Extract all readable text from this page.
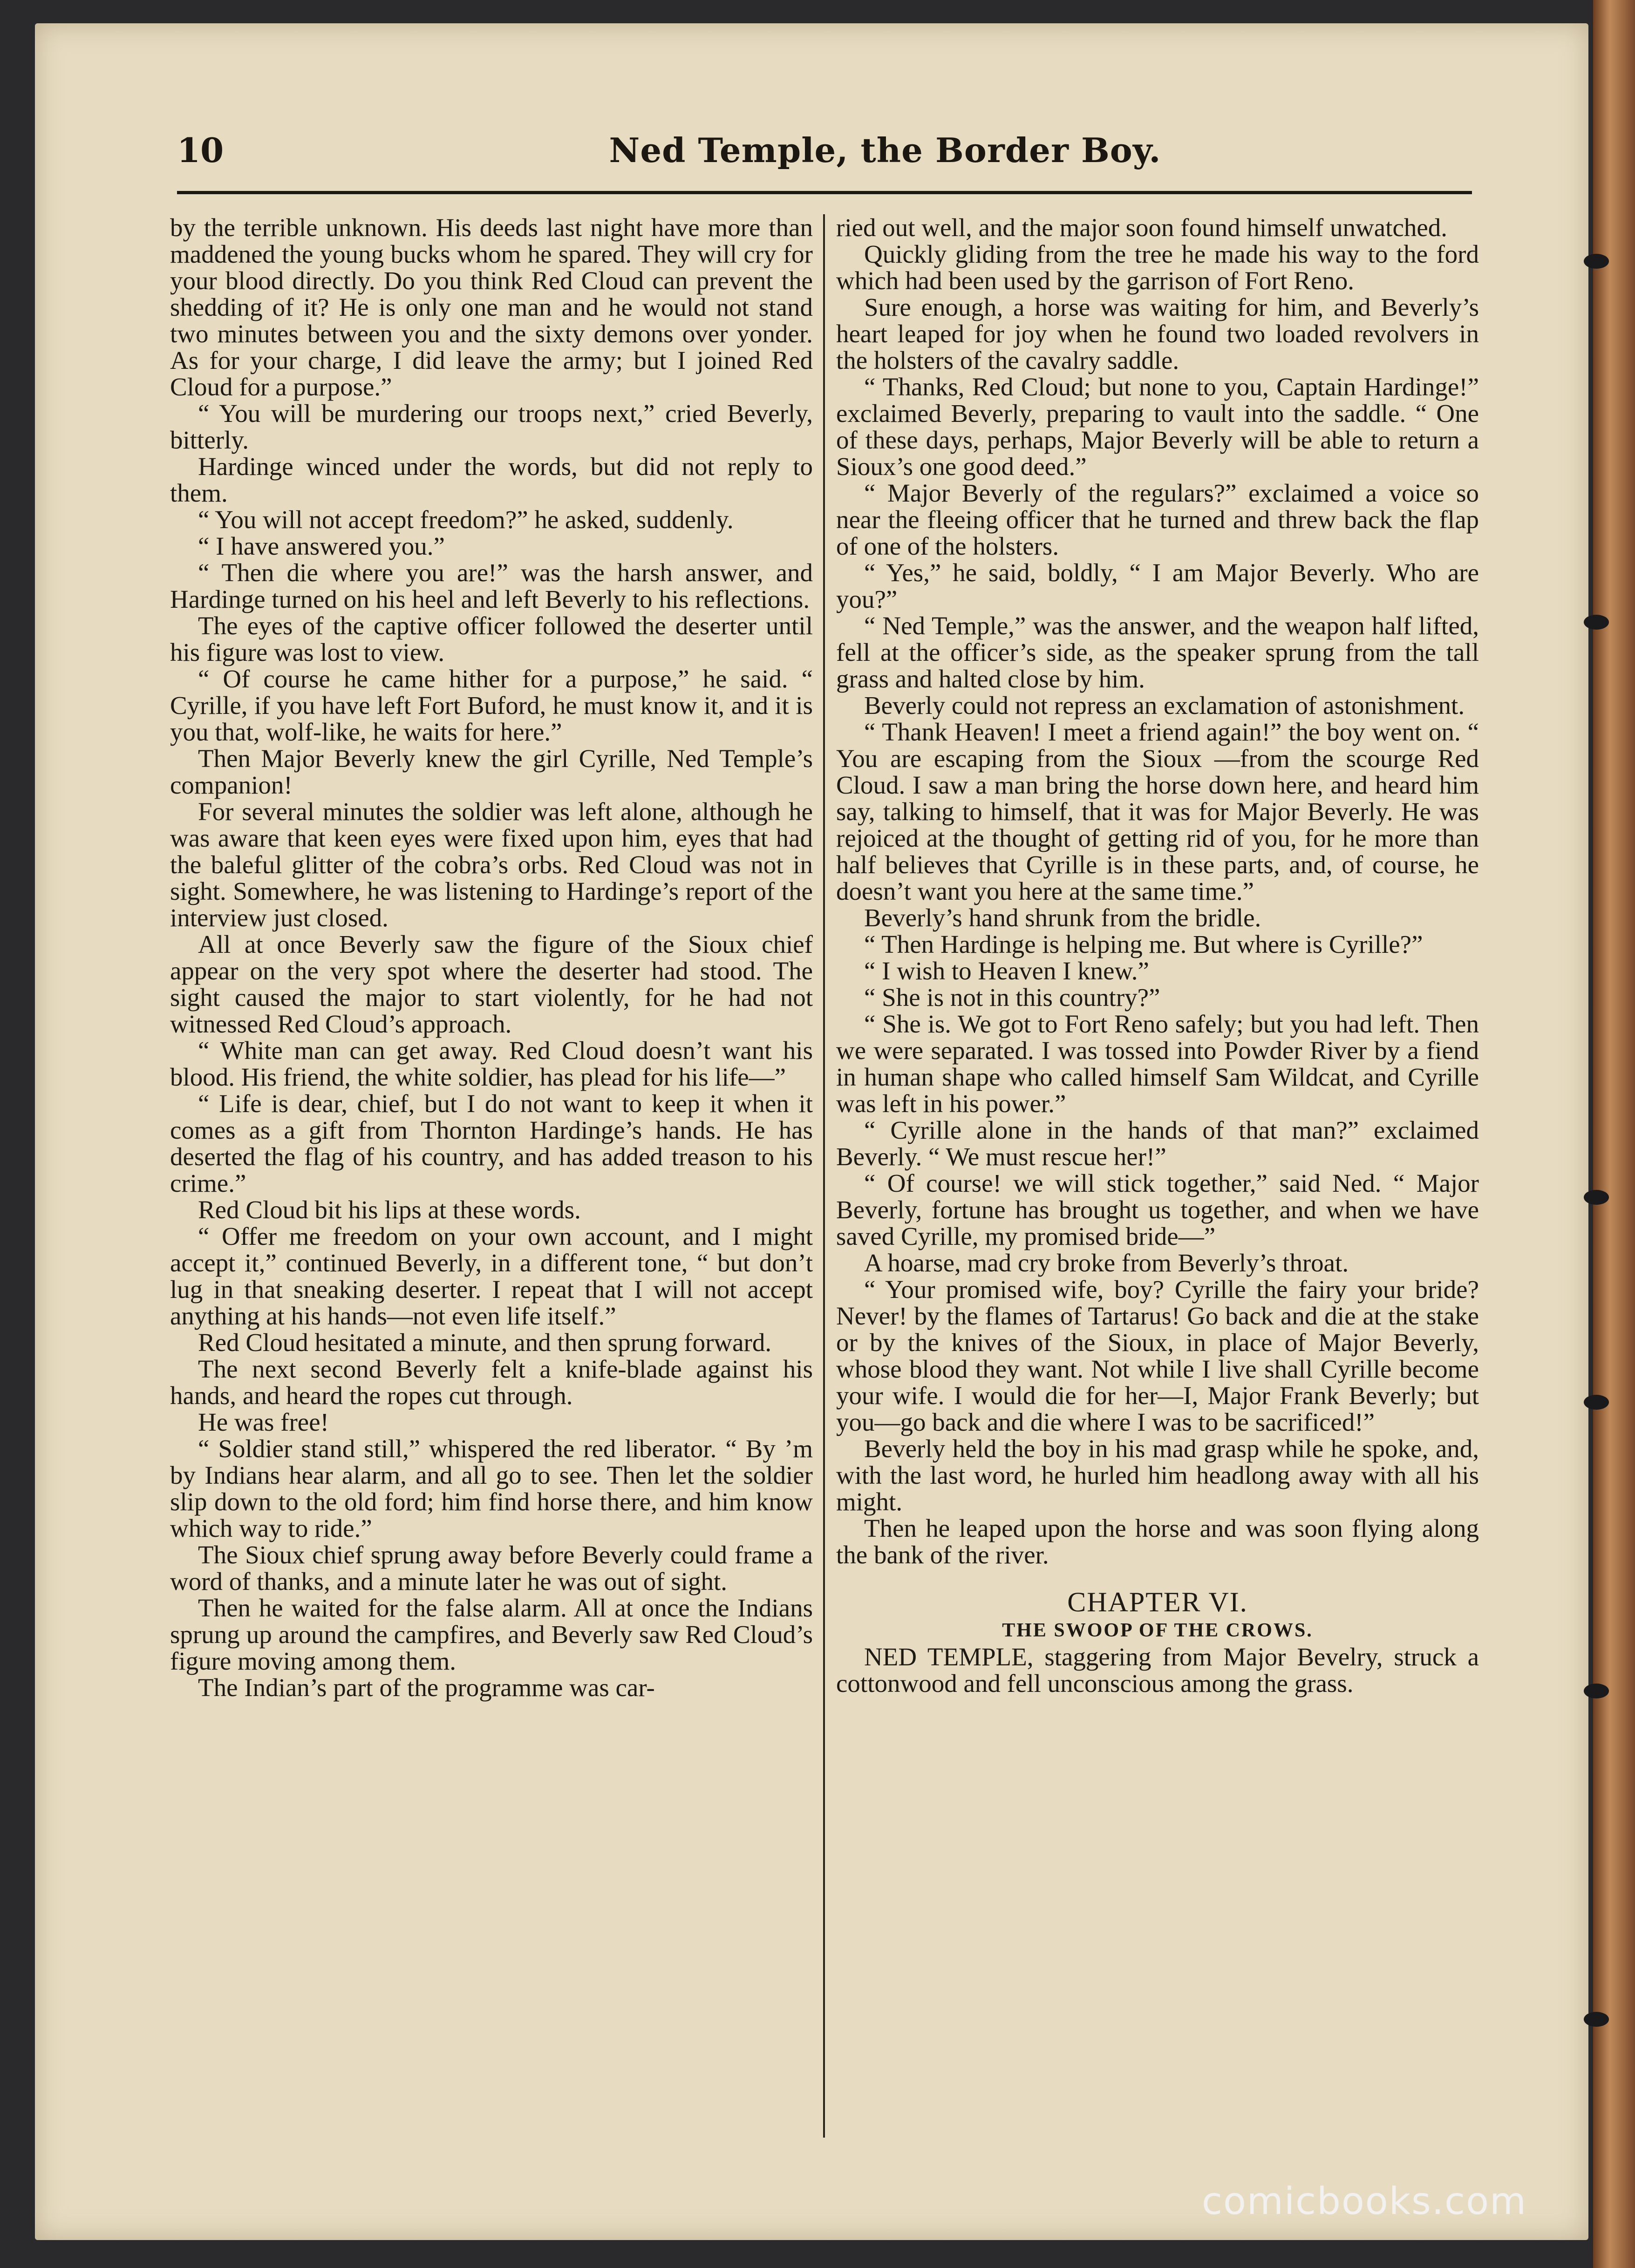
10	Ned Temple, the Border Boy.

by the terrible unknown. His deeds last night have more than maddened the young bucks whom he spared. They will cry for your blood directly. Do you think Red Cloud can prevent the shedding of it? He is only one man and he would not stand two minutes between you and the sixty demons over yonder. As for your charge, I did leave the army; but I joined Red Cloud for a purpose.”

“ You will be murdering our troops next,” cried Beverly, bitterly.

Hardinge winced under the words, but did not reply to them.

“ You will not accept freedom?” he asked, suddenly.

“ I have answered you.”

“ Then die where you are!” was the harsh answer, and Hardinge turned on his heel and left Beverly to his reflections.

The eyes of the captive officer followed the deserter until his figure was lost to view.

“ Of course he came hither for a purpose,” he said. “ Cyrille, if you have left Fort Buford, he must know it, and it is you that, wolf-like, he waits for here.”

Then Major Beverly knew the girl Cyrille, Ned Temple’s companion!

For several minutes the soldier was left alone, although he was aware that keen eyes were fixed upon him, eyes that had the baleful glitter of the cobra’s orbs. Red Cloud was not in sight. Somewhere, he was listening to Hardinge’s report of the interview just closed.

All at once Beverly saw the figure of the Sioux chief appear on the very spot where the deserter had stood. The sight caused the major to start violently, for he had not witnessed Red Cloud’s approach.

“ White man can get away. Red Cloud doesn’t want his blood. His friend, the white soldier, has plead for his life—”

“ Life is dear, chief, but I do not want to keep it when it comes as a gift from Thornton Hardinge’s hands. He has deserted the flag of his country, and has added treason to his crime.”

Red Cloud bit his lips at these words.

“ Offer me freedom on your own account, and I might accept it,” continued Beverly, in a different tone, “ but don’t lug in that sneaking deserter. I repeat that I will not accept anything at his hands—not even life itself.”

Red Cloud hesitated a minute, and then sprung forward.

The next second Beverly felt a knife-blade against his hands, and heard the ropes cut through.

He was free!

“ Soldier stand still,” whispered the red liberator. “ By ’m by Indians hear alarm, and all go to see. Then let the soldier slip down to the old ford; him find horse there, and him know which way to ride.”

The Sioux chief sprung away before Beverly could frame a word of thanks, and a minute later he was out of sight.

Then he waited for the false alarm. All at once the Indians sprung up around the campfires, and Beverly saw Red Cloud’s figure moving among them.

The Indian’s part of the programme was car-

ried out well, and the major soon found himself unwatched.

Quickly gliding from the tree he made his way to the ford which had been used by the garrison of Fort Reno.

Sure enough, a horse was waiting for him, and Beverly’s heart leaped for joy when he found two loaded revolvers in the holsters of the cavalry saddle.

“ Thanks, Red Cloud; but none to you, Captain Hardinge!” exclaimed Beverly, preparing to vault into the saddle. “ One of these days, perhaps, Major Beverly will be able to return a Sioux’s one good deed.”

“ Major Beverly of the regulars?” exclaimed a voice so near the fleeing officer that he turned and threw back the flap of one of the holsters.

“ Yes,” he said, boldly, “ I am Major Beverly. Who are you?”

“ Ned Temple,” was the answer, and the weapon half lifted, fell at the officer’s side, as the speaker sprung from the tall grass and halted close by him.

Beverly could not repress an exclamation of astonishment.

“ Thank Heaven! I meet a friend again!” the boy went on. “ You are escaping from the Sioux —from the scourge Red Cloud. I saw a man bring the horse down here, and heard him say, talking to himself, that it was for Major Beverly. He was rejoiced at the thought of getting rid of you, for he more than half believes that Cyrille is in these parts, and, of course, he doesn’t want you here at the same time.”

Beverly’s hand shrunk from the bridle.

“ Then Hardinge is helping me. But where is Cyrille?”

“ I wish to Heaven I knew.”

“ She is not in this country?”

“ She is. We got to Fort Reno safely; but you had left. Then we were separated. I was tossed into Powder River by a fiend in human shape who called himself Sam Wildcat, and Cyrille was left in his power.”

“ Cyrille alone in the hands of that man?” exclaimed Beverly. “ We must rescue her!”

“ Of course! we will stick together,” said Ned. “ Major Beverly, fortune has brought us together, and when we have saved Cyrille, my promised bride—”

A hoarse, mad cry broke from Beverly’s throat.

“ Your promised wife, boy? Cyrille the fairy your bride? Never! by the flames of Tartarus! Go back and die at the stake or by the knives of the Sioux, in place of Major Beverly, whose blood they want. Not while I live shall Cyrille become your wife. I would die for her—I, Major Frank Beverly; but you—go back and die where I was to be sacrificed!”

Beverly held the boy in his mad grasp while he spoke, and, with the last word, he hurled him headlong away with all his might.

Then he leaped upon the horse and was soon flying along the bank of the river.

CHAPTER VI.
THE SWOOP OF THE CROWS.

NED TEMPLE, staggering from Major Bevelry, struck a cottonwood and fell unconscious among the grass.

comicbooks.com
